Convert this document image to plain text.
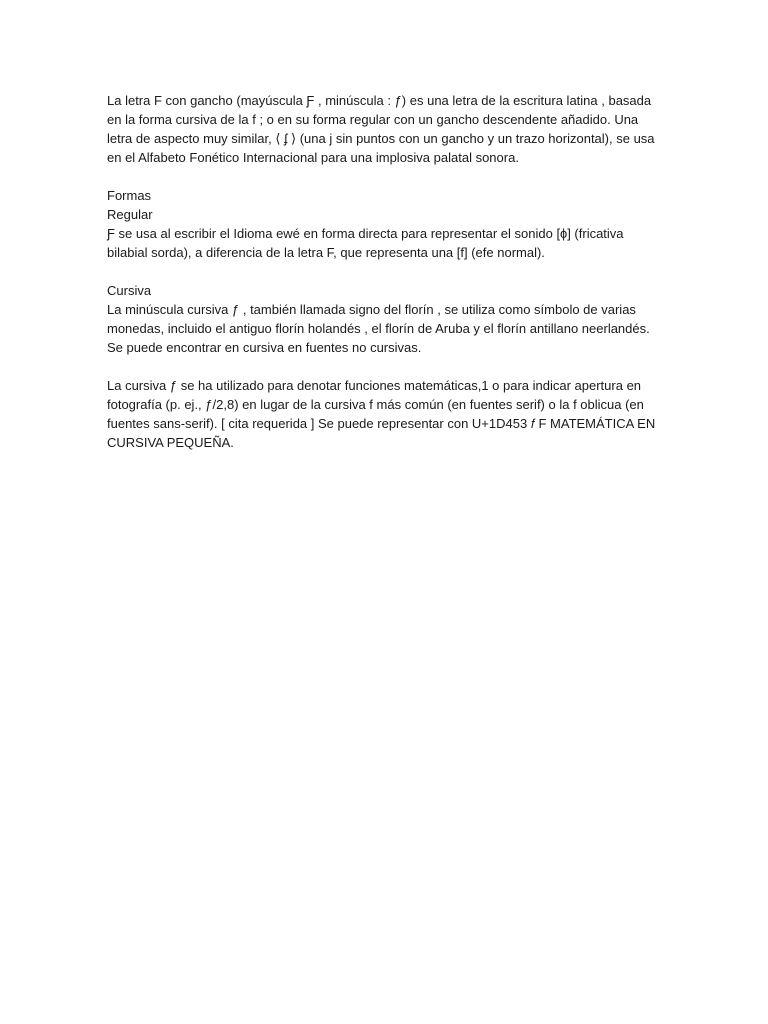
La letra F con gancho (mayúscula Ƒ , minúscula : ƒ) es una letra de la escritura latina , basada en la forma cursiva de la f ; o en su forma regular con un gancho descendente añadido. Una letra de aspecto muy similar, ⟨ ʄ ⟩ (una j sin puntos con un gancho y un trazo horizontal), se usa en el Alfabeto Fonético Internacional para una implosiva palatal sonora.

Formas

Regular

Ƒ se usa al escribir el Idioma ewé en forma directa para representar el sonido [ɸ] (fricativa bilabial sorda), a diferencia de la letra F, que representa una [f] (efe normal).

Cursiva

La minúscula cursiva ƒ , también llamada signo del florín , se utiliza como símbolo de varias monedas, incluido el antiguo florín holandés , el florín de Aruba y el florín antillano neerlandés. Se puede encontrar en cursiva en fuentes no cursivas.

La cursiva ƒ se ha utilizado para denotar funciones matemáticas,1 o para indicar apertura en fotografía (p. ej., ƒ/2,8) en lugar de la cursiva f más común (en fuentes serif) o la f oblicua (en fuentes sans-serif). [ cita requerida ] Se puede representar con U+1D453 𝑓 F MATEMÁTICA EN CURSIVA PEQUEÑA.
